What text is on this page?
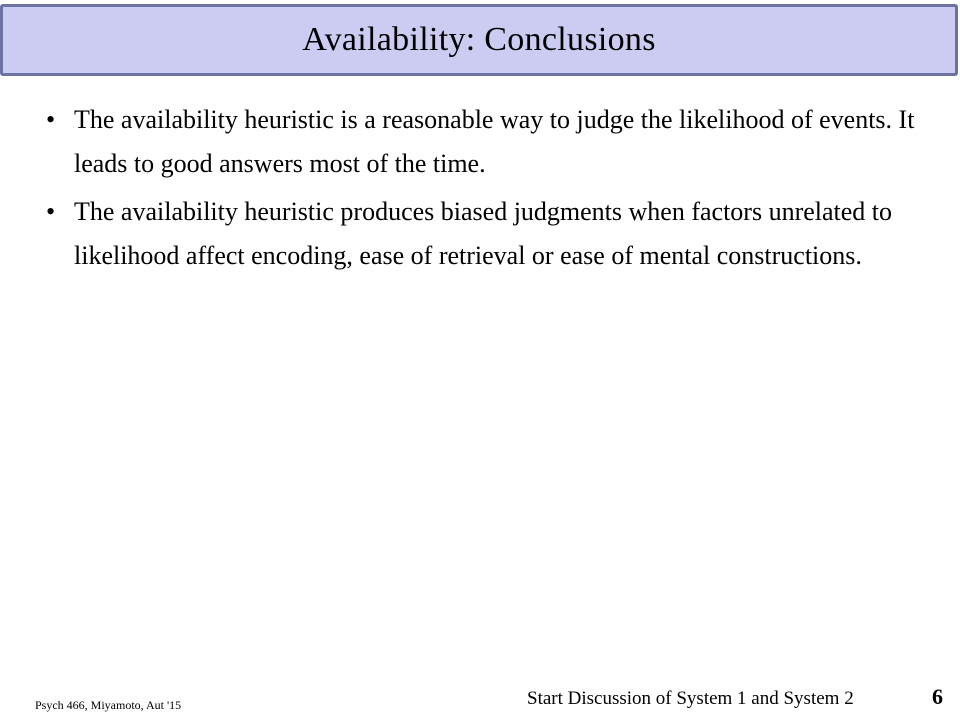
Availability: Conclusions
• The availability heuristic is a reasonable way to judge the likelihood of events. It leads to good answers most of the time.
• The availability heuristic produces biased judgments when factors unrelated to likelihood affect encoding, ease of retrieval or ease of mental constructions.
Psych 466, Miyamoto, Aut '15	Start Discussion of System 1 and System 2	6
